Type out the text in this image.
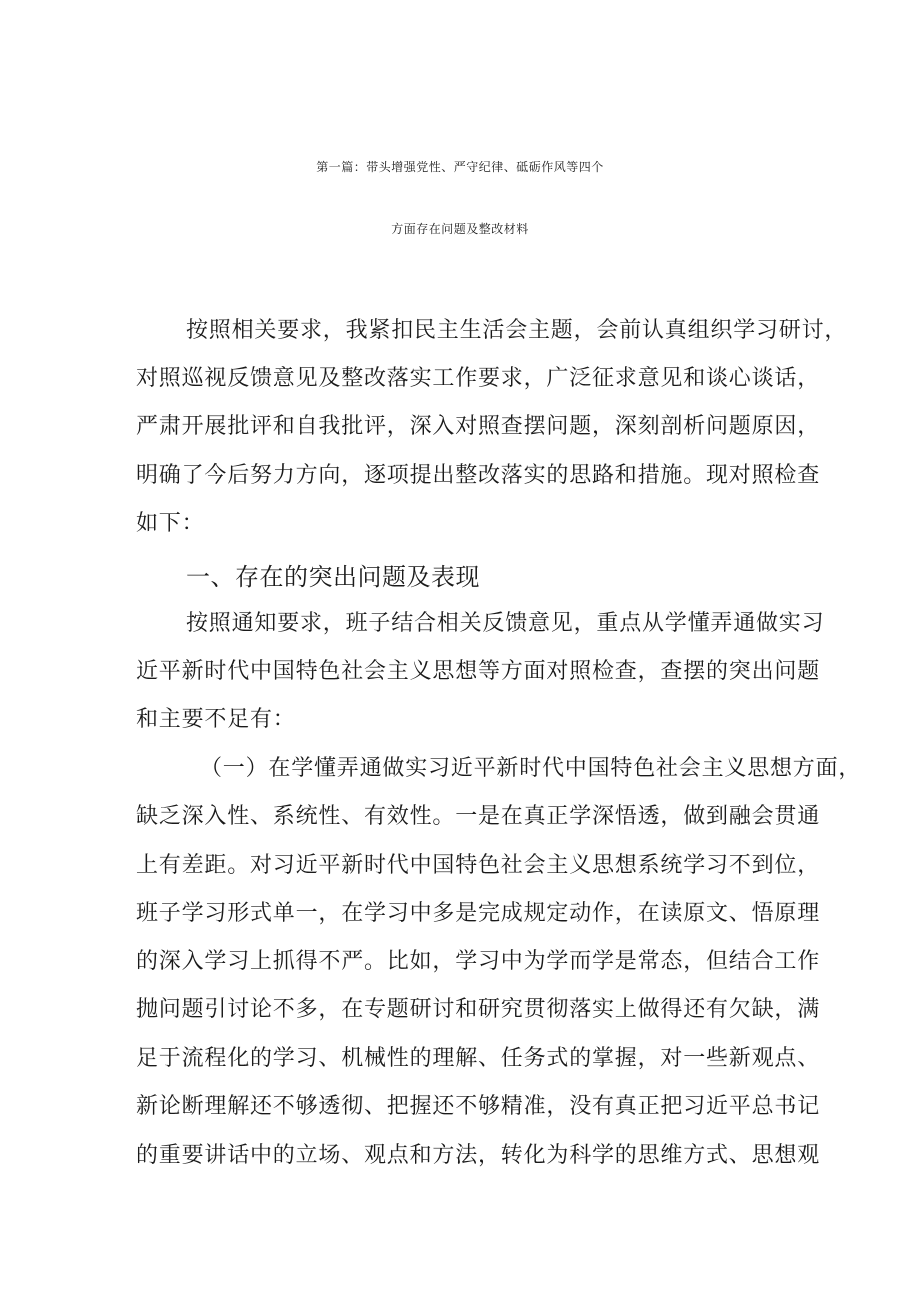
第一篇：带头增强党性、严守纪律、砥砺作风等四个
方面存在问题及整改材料
按照相关要求，我紧扣民主生活会主题，会前认真组织学习研讨，
对照巡视反馈意见及整改落实工作要求，广泛征求意见和谈心谈话，
严肃开展批评和自我批评，深入对照查摆问题，深刻剖析问题原因，
明确了今后努力方向，逐项提出整改落实的思路和措施。现对照检查
如下：
一、存在的突出问题及表现
按照通知要求，班子结合相关反馈意见，重点从学懂弄通做实习
近平新时代中国特色社会主义思想等方面对照检查，查摆的突出问题
和主要不足有：
（一）在学懂弄通做实习近平新时代中国特色社会主义思想方面，
缺乏深入性、系统性、有效性。一是在真正学深悟透，做到融会贯通
上有差距。对习近平新时代中国特色社会主义思想系统学习不到位，
班子学习形式单一，在学习中多是完成规定动作，在读原文、悟原理
的深入学习上抓得不严。比如，学习中为学而学是常态，但结合工作
抛问题引讨论不多，在专题研讨和研究贯彻落实上做得还有欠缺，满
足于流程化的学习、机械性的理解、任务式的掌握，对一些新观点、
新论断理解还不够透彻、把握还不够精准，没有真正把习近平总书记
的重要讲话中的立场、观点和方法，转化为科学的思维方式、思想观
